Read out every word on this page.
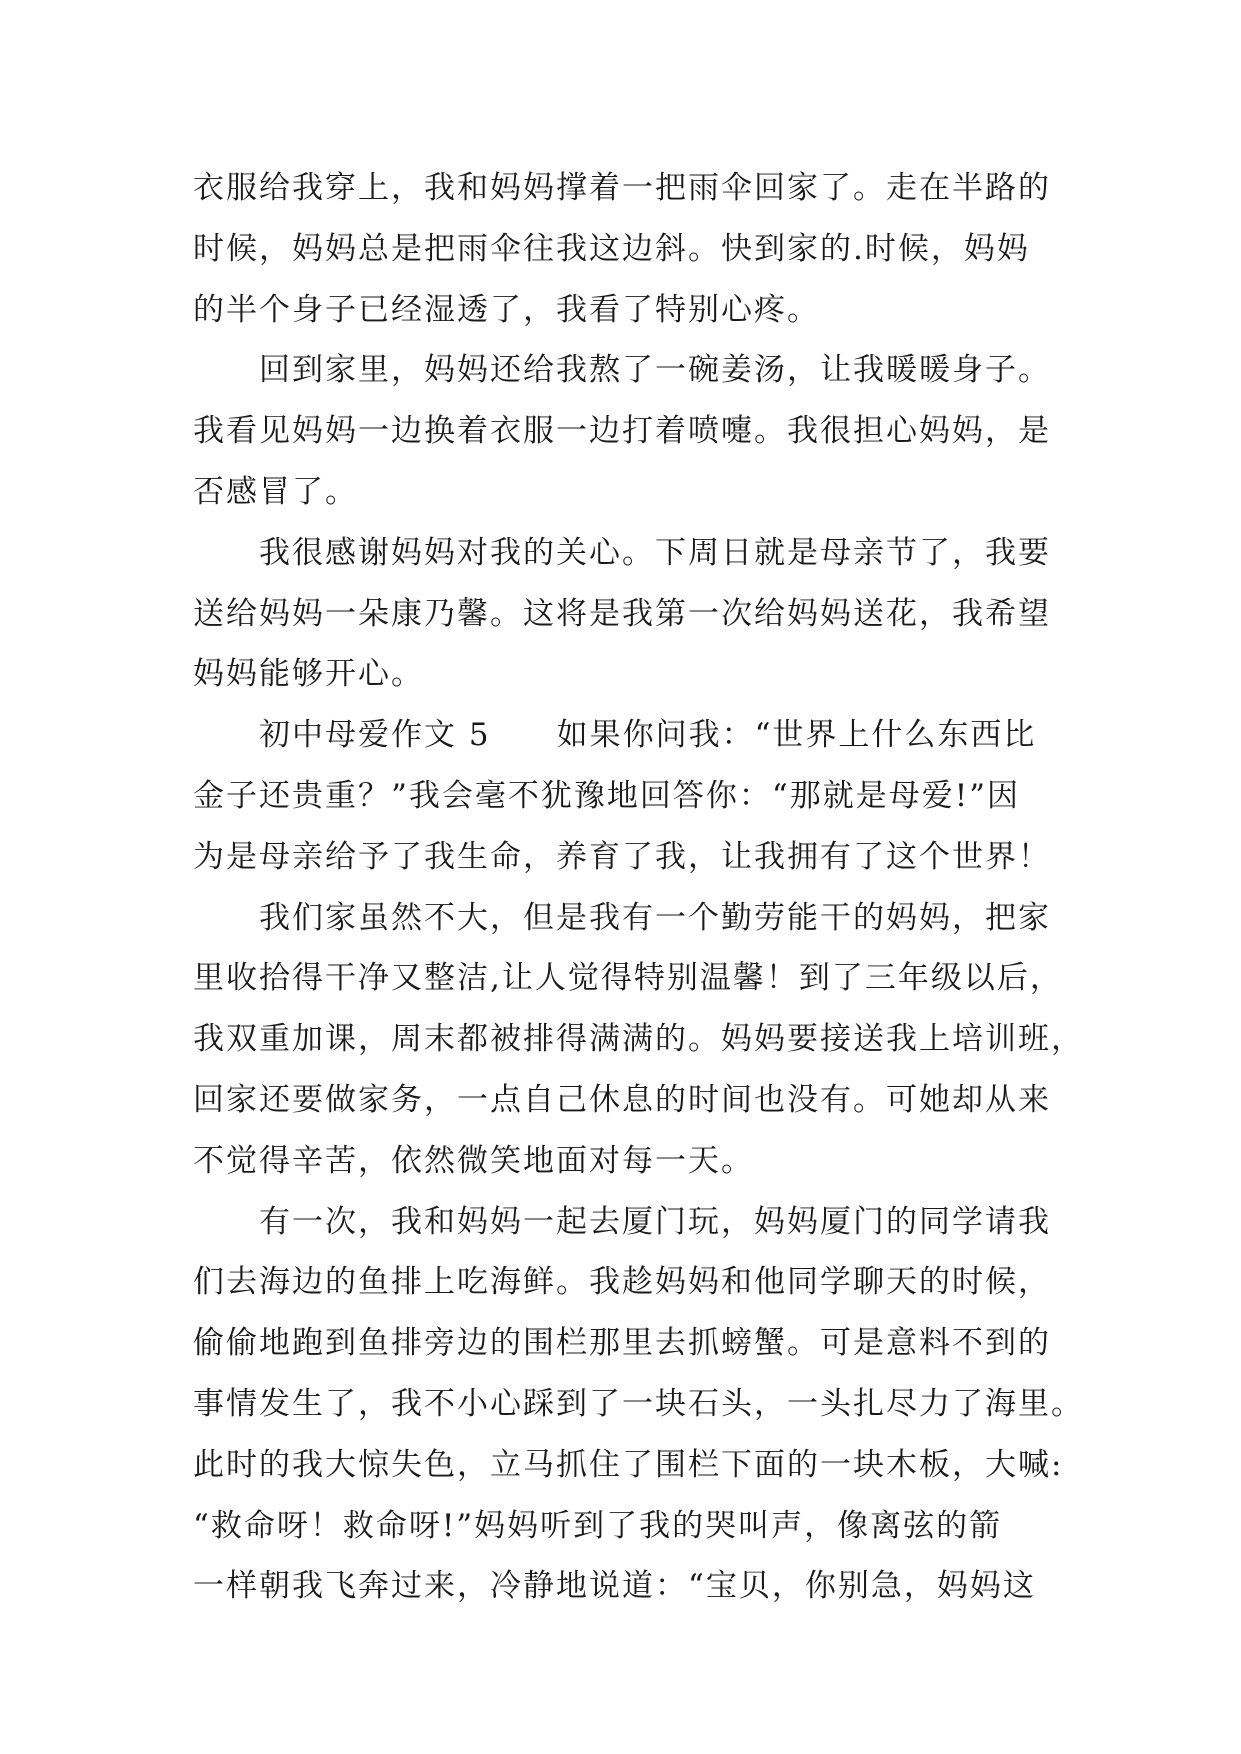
衣服给我穿上，我和妈妈撑着一把雨伞回家了。走在半路的
时候，妈妈总是把雨伞往我这边斜。快到家的.时候，妈妈
的半个身子已经湿透了，我看了特别心疼。
回到家里，妈妈还给我熬了一碗姜汤，让我暖暖身子。
我看见妈妈一边换着衣服一边打着喷嚏。我很担心妈妈，是
否感冒了。
我很感谢妈妈对我的关心。下周日就是母亲节了，我要
送给妈妈一朵康乃馨。这将是我第一次给妈妈送花，我希望
妈妈能够开心。
初中母爱作文 5　　如果你问我：“世界上什么东西比
金子还贵重？”我会毫不犹豫地回答你：“那就是母爱!”因
为是母亲给予了我生命，养育了我，让我拥有了这个世界！
我们家虽然不大，但是我有一个勤劳能干的妈妈，把家
里收拾得干净又整洁,让人觉得特别温馨！到了三年级以后，
我双重加课，周末都被排得满满的。妈妈要接送我上培训班，
回家还要做家务，一点自己休息的时间也没有。可她却从来
不觉得辛苦，依然微笑地面对每一天。
有一次，我和妈妈一起去厦门玩，妈妈厦门的同学请我
们去海边的鱼排上吃海鲜。我趁妈妈和他同学聊天的时候，
偷偷地跑到鱼排旁边的围栏那里去抓螃蟹。可是意料不到的
事情发生了，我不小心踩到了一块石头，一头扎尽力了海里。
此时的我大惊失色，立马抓住了围栏下面的一块木板，大喊:
“救命呀！救命呀!”妈妈听到了我的哭叫声，像离弦的箭
一样朝我飞奔过来，冷静地说道：“宝贝，你别急，妈妈这
